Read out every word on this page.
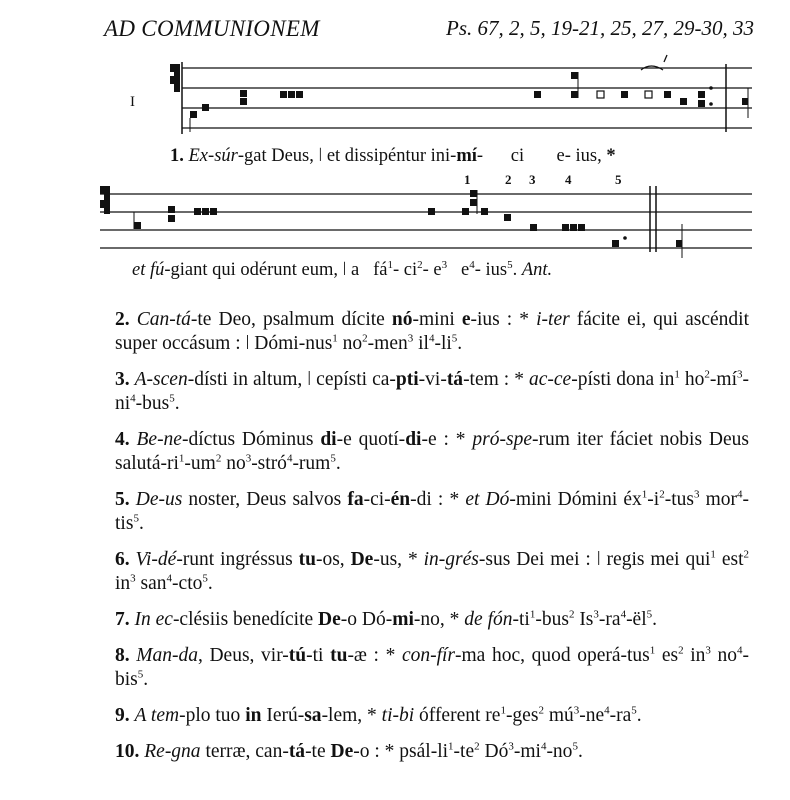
AD COMMUNIONEM	Ps. 67, 2, 5, 19-21, 25, 27, 29-30, 33
I
1. Ex-súr-gat Deus, ǀ et dissipéntur ini-mí- ci e- ius, *
1	2 3 4	5
et fú-giant qui odérunt eum, ǀ a $fá^1-$ $ci^2-$ $e^3$ $e^4-$ ius$^5$. Ant.
2. Can-tá-te Deo, psalmum dícite nó-mini e-ius : * i-ter fácite ei, qui ascéndit super occásum : ǀ Dómi-nus$^1$ $no^2-men^3$ $il^4-li^5$.
3. A-scen-dísti in altum, ǀ cepísti ca-pti-vi-tá-tem : * ac-ce-písti dona $in^1$ $ho^2-mí^3-ni^4-bus^5$.
4. Be-ne-díctus Dóminus di-e quotí-di-e : * pró-spe-rum iter fáciet nobis Deus salutá-$ri^1-um^2$ $no^3-stró^4-rum^5$.
5. De-us noster, Deus salvos fa-ci-én-di : * et Dó-mini Dómini $éx^1-i^2-tus^3$ mor$^4$-tis$^5$.
6. Vi-dé-runt ingréssus tu-os, De-us, * in-grés-sus Dei mei : ǀ regis mei qui$^1$ est$^2$ $in^3$ san$^4$-cto$^5$.
7. In ec-clésiis benedícite De-o Dó-mi-no, * de fón-$ti^1-bus^2$ $Is^3-ra^4-ël^5$.
8. Man-da, Deus, vir-tú-ti tu-æ : * con-fír-ma hoc, quod operá-tus$^1$ $es^2$ $in^3$ $no^4-bis^5$.
9. A tem-plo tuo in Ierú-sa-lem, * ti-bi ófferent $re^1-ges^2$ $mú^3-ne^4-ra^5$.
10. Re-gna terræ, can-tá-te De-o : * psál-$li^1-te^2$ $Dó^3-mi^4-no^5$.
